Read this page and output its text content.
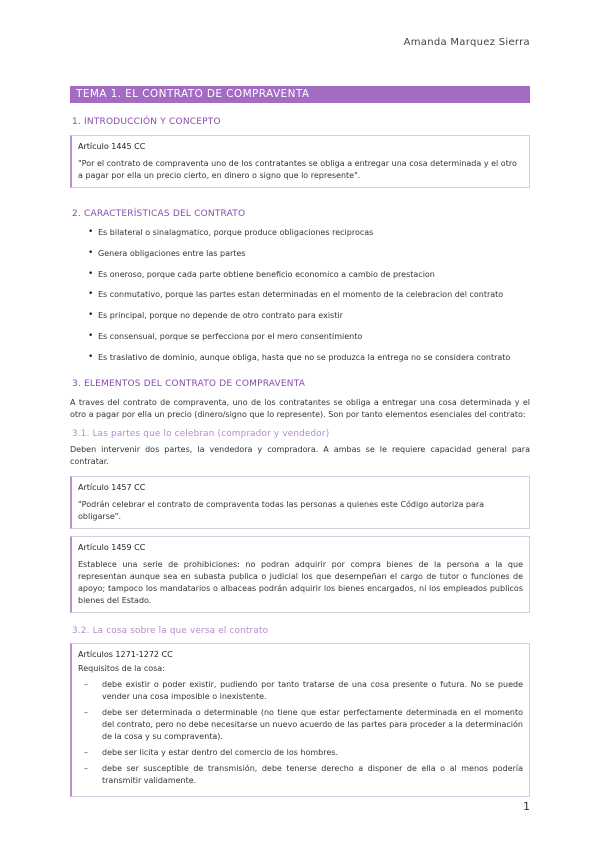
Amanda Marquez Sierra
TEMA 1. EL CONTRATO DE COMPRAVENTA
1. INTRODUCCIÓN Y CONCEPTO
Artículo 1445 CC
"Por el contrato de compraventa uno de los contratantes se obliga a entregar una cosa determinada y el otro a pagar por ella un precio cierto, en dinero o signo que lo represente".
2. CARACTERÍSTICAS DEL CONTRATO
• Es bilateral o sinalagmatico, porque produce obligaciones reciprocas
• Genera obligaciones entre las partes
• Es oneroso, porque cada parte obtiene beneficio economico a cambio de prestacion
• Es conmutativo, porque las partes estan determinadas en el momento de la celebracion del contrato
• Es principal, porque no depende de otro contrato para existir
• Es consensual, porque se perfecciona por el mero consentimiento
• Es traslativo de dominio, aunque obliga, hasta que no se produzca la entrega no se considera contrato
3. ELEMENTOS DEL CONTRATO DE COMPRAVENTA
A traves del contrato de compraventa, uno de los contratantes se obliga a entregar una cosa determinada y el otro a pagar por ella un precio (dinero/signo que lo represente). Son por tanto elementos esenciales del contrato:
3.1. Las partes que lo celebran (comprador y vendedor)
Deben intervenir dos partes, la vendedora y compradora. A ambas se le requiere capacidad general para contratar.
Artículo 1457 CC
"Podrán celebrar el contrato de compraventa todas las personas a quienes este Código autoriza para obligarse".
Artículo 1459 CC
Establece una serie de prohibiciones: no podran adquirir por compra bienes de la persona a la que representan aunque sea en subasta publica o judicial los que desempeñan el cargo de tutor o funciones de apoyo; tampoco los mandatarios o albaceas podrán adquirir los bienes encargados, ni los empleados publicos bienes del Estado.
3.2. La cosa sobre la que versa el contrato
Artículos 1271-1272 CC
Requisitos de la cosa:
– debe existir o poder existir, pudiendo por tanto tratarse de una cosa presente o futura. No se puede vender una cosa imposible o inexistente.
– debe ser determinada o determinable (no tiene que estar perfectamente determinada en el momento del contrato, pero no debe necesitarse un nuevo acuerdo de las partes para proceder a la determinación de la cosa y su compraventa).
– debe ser licita y estar dentro del comercio de los hombres.
– debe ser susceptible de transmisión, debe tenerse derecho a disponer de ella o al menos podería transmitir validamente.
1
